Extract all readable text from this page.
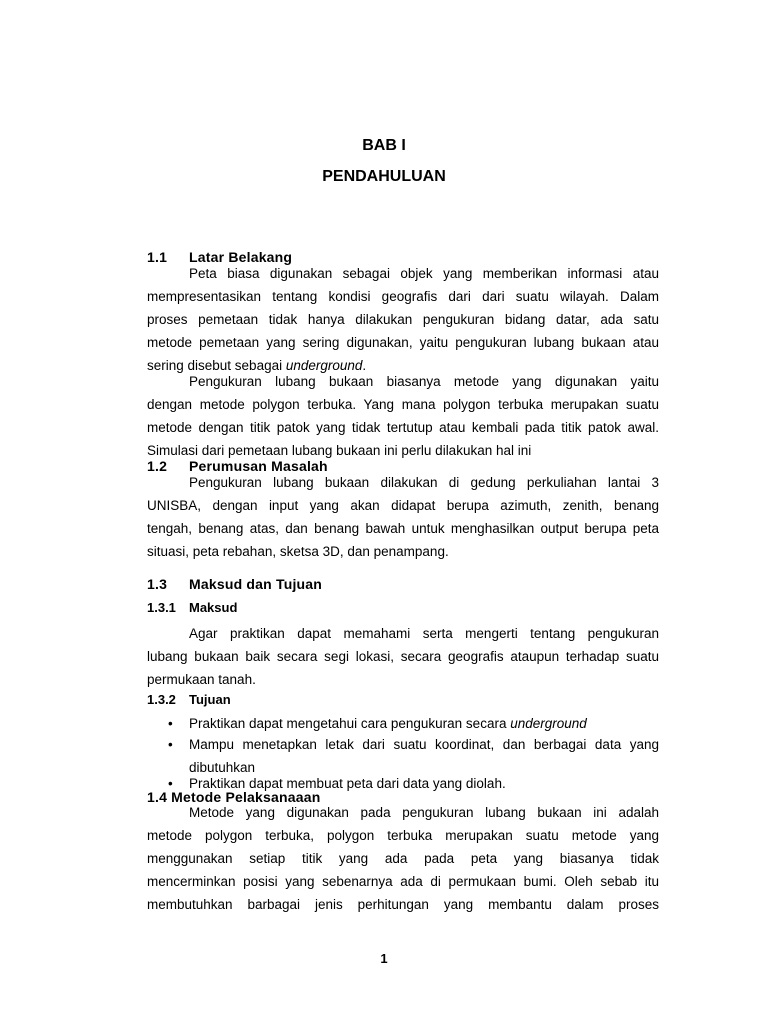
BAB I
PENDAHULUAN
1.1 Latar Belakang
Peta biasa digunakan sebagai objek yang memberikan informasi atau
mempresentasikan tentang kondisi geografis dari dari suatu wilayah. Dalam
proses pemetaan tidak hanya dilakukan pengukuran bidang datar, ada satu
metode pemetaan yang sering digunakan, yaitu pengukuran lubang bukaan atau
sering disebut sebagai underground.
Pengukuran lubang bukaan biasanya metode yang digunakan yaitu
dengan metode polygon terbuka. Yang mana polygon terbuka merupakan suatu
metode dengan titik patok yang tidak tertutup atau kembali pada titik patok awal.
Simulasi dari pemetaan lubang bukaan ini perlu dilakukan hal ini
1.2 Perumusan Masalah
Pengukuran lubang bukaan dilakukan di gedung perkuliahan lantai 3
UNISBA, dengan input yang akan didapat berupa azimuth, zenith, benang
tengah, benang atas, dan benang bawah untuk menghasilkan output berupa peta
situasi, peta rebahan, sketsa 3D, dan penampang.
1.3 Maksud dan Tujuan
1.3.1 Maksud
Agar praktikan dapat memahami serta mengerti tentang pengukuran
lubang bukaan baik secara segi lokasi, secara geografis ataupun terhadap suatu
permukaan tanah.
1.3.2 Tujuan
• Praktikan dapat mengetahui cara pengukuran secara underground
• Mampu menetapkan letak dari suatu koordinat, dan berbagai data yang
dibutuhkan
• Praktikan dapat membuat peta dari data yang diolah.
1.4 Metode Pelaksanaaan
Metode yang digunakan pada pengukuran lubang bukaan ini adalah
metode polygon terbuka, polygon terbuka merupakan suatu metode yang
menggunakan setiap titik yang ada pada peta yang biasanya tidak
mencerminkan posisi yang sebenarnya ada di permukaan bumi. Oleh sebab itu
membutuhkan barbagai jenis perhitungan yang membantu dalam proses
1
